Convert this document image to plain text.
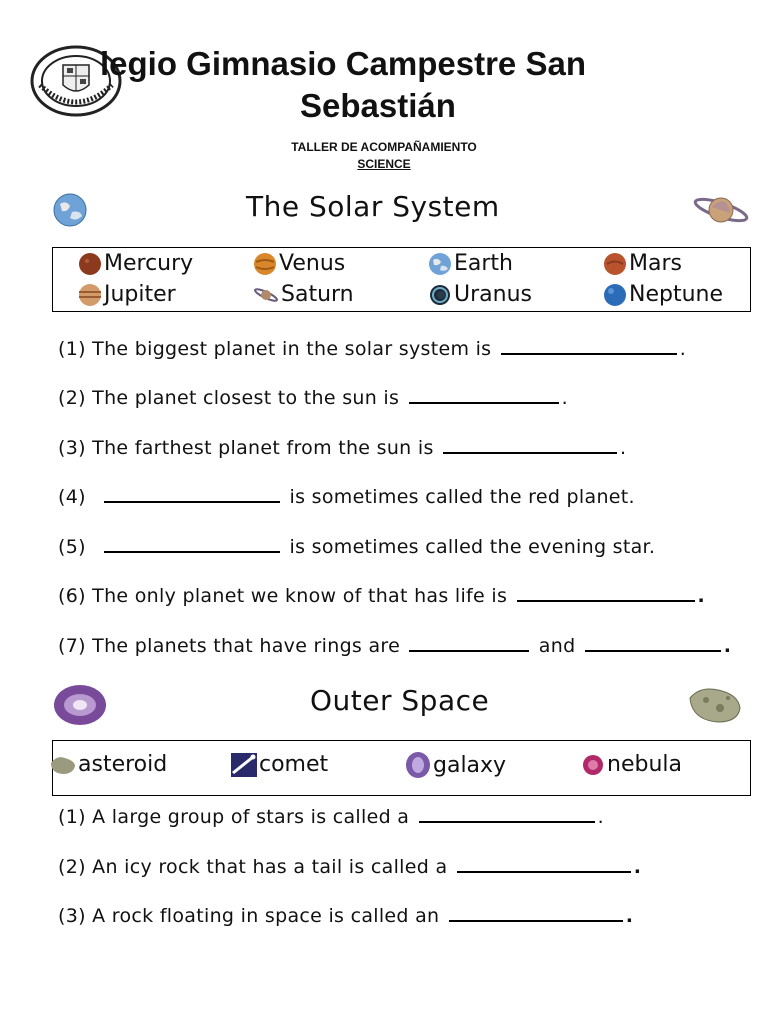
legio Gimnasio Campestre San
Sebastián
TALLER DE ACOMPAÑAMIENTO
SCIENCE
The Solar System
Mercury	Venus	Earth	Mars
Jupiter	Saturn	Uranus	Neptune
(1) The biggest planet in the solar system is	.
(2) The planet closest to the sun is	.
(3) The farthest planet from the sun is	.
(4)	is sometimes called the red planet.
(5)	is sometimes called the evening star.
(6) The only planet we know of that has life is	.
(7) The planets that have rings are	and	.
Outer Space
asteroid	comet	galaxy	nebula
(1) A large group of stars is called a	.
(2) An icy rock that has a tail is called a	.
(3) A rock floating in space is called an	.
